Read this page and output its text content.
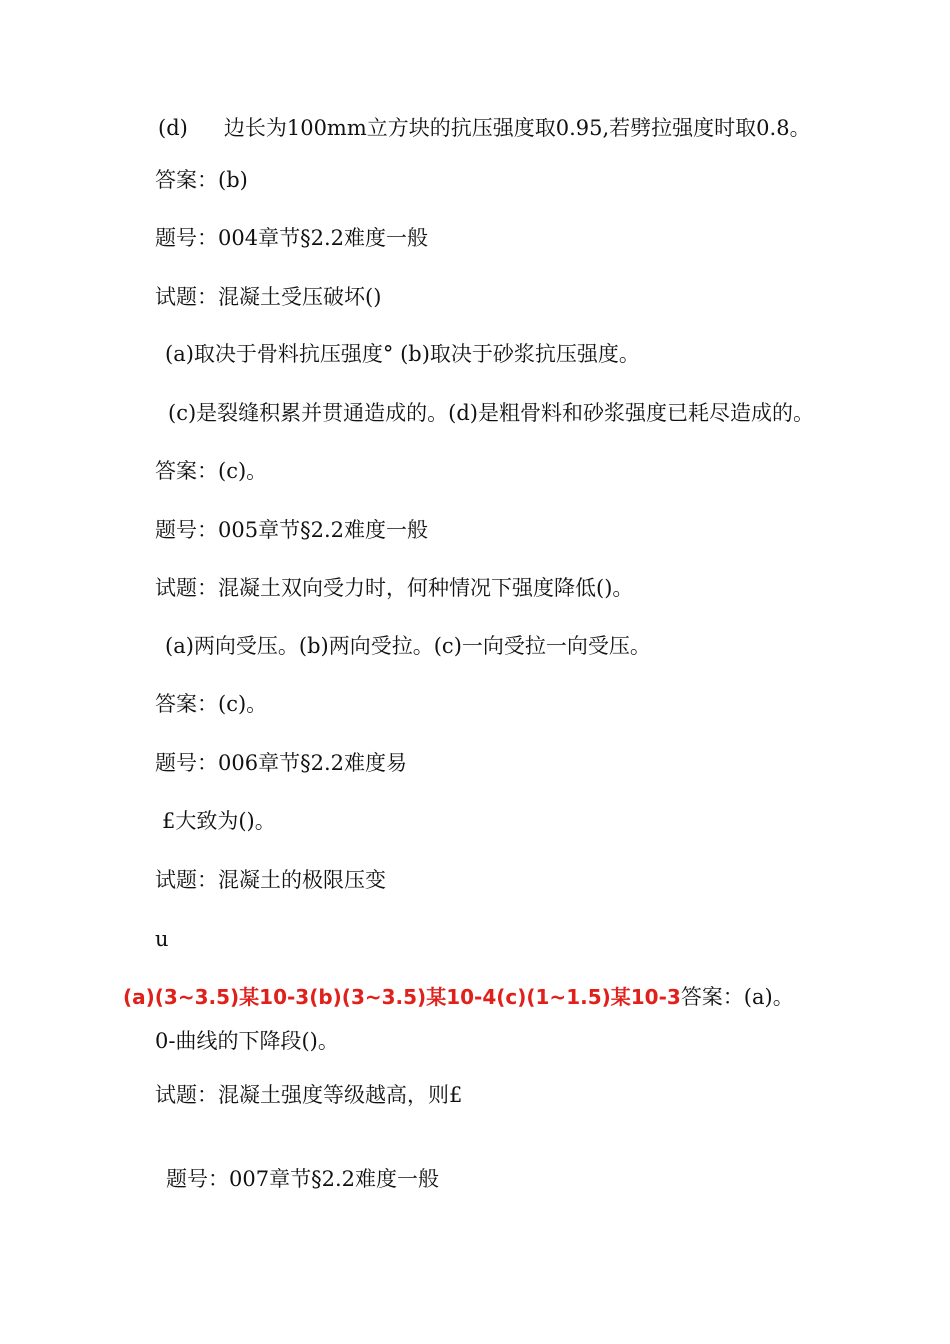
(d) 边长为100mm立方块的抗压强度取0.95,若劈拉强度时取0.8。
答案：(b)
题号：004章节§2.2难度一般
试题：混凝土受压破坏()
(a)取决于骨料抗压强度° (b)取决于砂浆抗压强度。
(c)是裂缝积累并贯通造成的。(d)是粗骨料和砂浆强度已耗尽造成的。
答案：(c)。
题号：005章节§2.2难度一般
试题：混凝土双向受力时，何种情况下强度降低()。
(a)两向受压。(b)两向受拉。(c)一向受拉一向受压。
答案：(c)。
题号：006章节§2.2难度易
£大致为()。
试题：混凝土的极限压变
u
(a)(3~3.5)某10-3(b)(3~3.5)某10-4(c)(1~1.5)某10-3答案：(a)。
0-曲线的下降段()。
试题：混凝土强度等级越高，则£
题号：007章节§2.2难度一般
